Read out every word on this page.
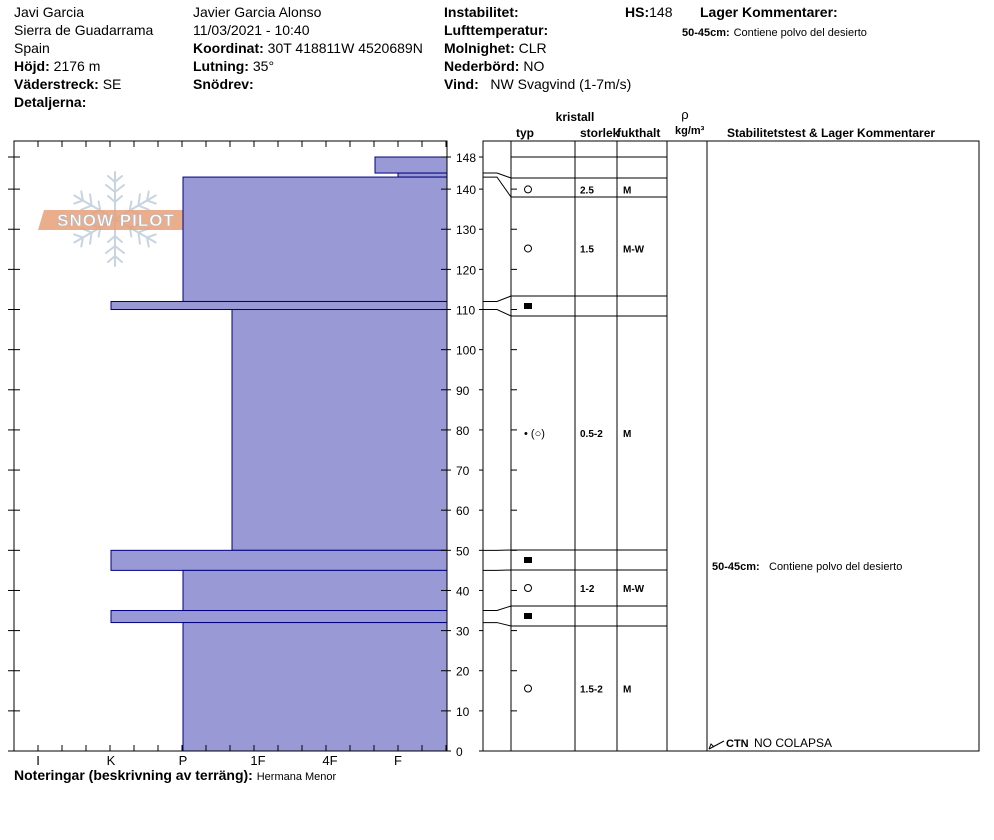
Javi Garcia
Sierra de Guadarrama
Spain
Höjd: 2176 m
Väderstreck: SE
Detaljerna:
Javier Garcia Alonso
11/03/2021 - 10:40
Koordinat: 30T 418811W 4520689N
Lutning: 35°
Snödrev:
Instabilitet:
Lufttemperatur:
Molnighet: CLR
Nederbörd: NO
Vind: NW Svagvind (1-7m/s)
HS:148 Lager Kommentarer:
50-45cm: Contiene polvo del desierto
SNOW PILOT
I	K	P	1F	4F	F
0
10
20
30
40
50
60
70
80
90
100
110
120
130
140
148
2.5	M
1.5	M-W
• (○)	0.5-2 M
1-2	M-W
1.5-2 M
kristall
typ	storlek
fukthalt
ρ
kg/m³ Stabilitetstest & Lager Kommentarer
50-45cm: Contiene polvo del desierto
CTN NO COLAPSA
Noteringar (beskrivning av terräng): Hermana Menor
